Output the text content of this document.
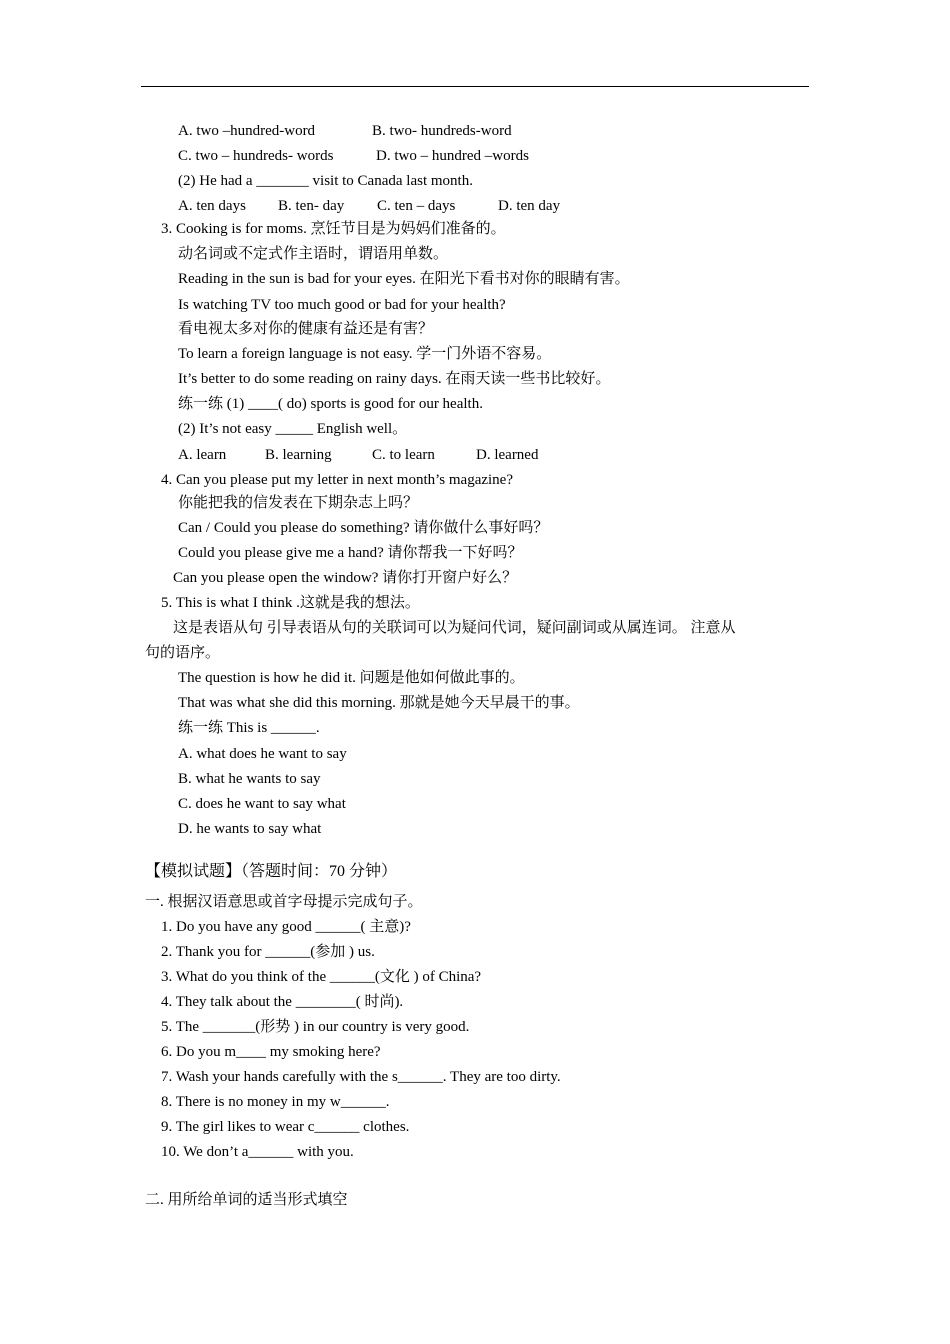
A. two –hundred-word	B. two- hundreds-word
C. two – hundreds- words	D. two – hundred –words
(2) He had a _______ visit to Canada last month.
A. ten days B. ten- day C. ten – days	D. ten day
3. Cooking is for moms. 烹饪节目是为妈妈们准备的。
动名词或不定式作主语时，谓语用单数。
Reading in the sun is bad for your eyes. 在阳光下看书对你的眼睛有害。
Is watching TV too much good or bad for your health?
看电视太多对你的健康有益还是有害？
To learn a foreign language is not easy. 学一门外语不容易。
It’s better to do some reading on rainy days. 在雨天读一些书比较好。
练一练 (1) ____( do) sports is good for our health.
(2) It’s not easy _____ English well。
A. learn	B. learning	C. to learn	D. learned
4. Can you please put my letter in next month’s magazine?
你能把我的信发表在下期杂志上吗？
Can / Could you please do something? 请你做什么事好吗？
Could you please give me a hand? 请你帮我一下好吗？
Can you please open the window? 请你打开窗户好么？
5. This is what I think .这就是我的想法。
这是表语从句 引导表语从句的关联词可以为疑问代词，疑问副词或从属连词。 注意从
句的语序。
The question is how he did it. 问题是他如何做此事的。
That was what she did this morning. 那就是她今天早晨干的事。
练一练 This is ______.
A. what does he want to say
B. what he wants to say
C. does he want to say what
D. he wants to say what
【模拟试题】（答题时间：70 分钟）
一. 根据汉语意思或首字母提示完成句子。
1. Do you have any good ______( 主意)?
2. Thank you for ______(参加 ) us.
3. What do you think of the ______(文化 ) of China?
4. They talk about the ________( 时尚).
5. The _______(形势 ) in our country is very good.
6. Do you m____ my smoking here?
7. Wash your hands carefully with the s______. They are too dirty.
8. There is no money in my w______.
9. The girl likes to wear c______ clothes.
10. We don’t a______ with you.
二. 用所给单词的适当形式填空
